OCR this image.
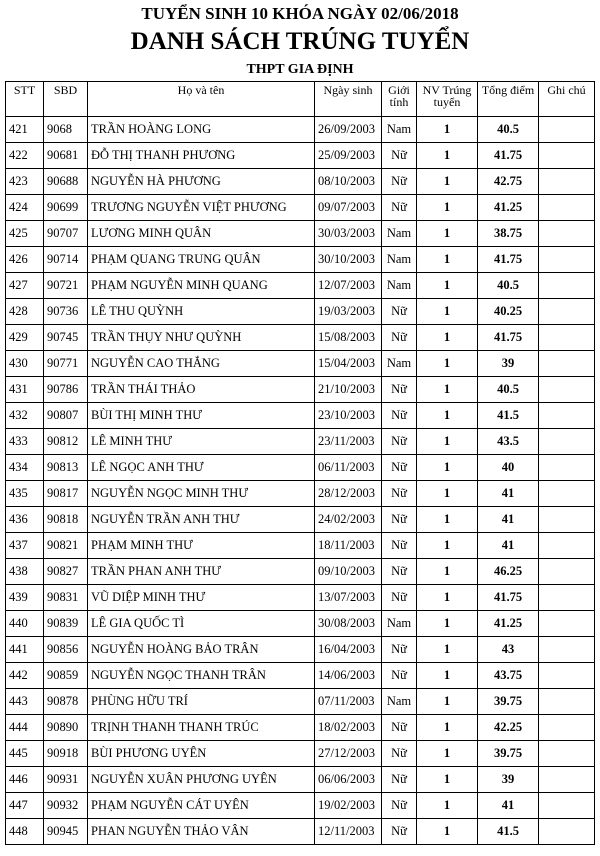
TUYỂN SINH 10 KHÓA NGÀY 02/06/2018
DANH SÁCH TRÚNG TUYỂN
THPT GIA ĐỊNH
STT	SBD	Họ và tên	Ngày sinh	Giới tính	NV Trúng tuyển	Tổng điểm	Ghi chú
421	9068	TRẦN HOÀNG LONG	26/09/2003	Nam	1	40.5	
422	90681	ĐỖ THỊ THANH PHƯƠNG	25/09/2003	Nữ	1	41.75	
423	90688	NGUYỄN HÀ PHƯƠNG	08/10/2003	Nữ	1	42.75	
424	90699	TRƯƠNG NGUYỄN VIỆT PHƯƠNG	09/07/2003	Nữ	1	41.25	
425	90707	LƯƠNG MINH QUÂN	30/03/2003	Nam	1	38.75	
426	90714	PHẠM QUANG TRUNG QUÂN	30/10/2003	Nam	1	41.75	
427	90721	PHẠM NGUYỄN MINH QUANG	12/07/2003	Nam	1	40.5	
428	90736	LÊ THU QUỲNH	19/03/2003	Nữ	1	40.25	
429	90745	TRẦN THỤY NHƯ QUỲNH	15/08/2003	Nữ	1	41.75	
430	90771	NGUYỄN CAO THẮNG	15/04/2003	Nam	1	39	
431	90786	TRẦN THÁI THẢO	21/10/2003	Nữ	1	40.5	
432	90807	BÙI THỊ MINH THƯ	23/10/2003	Nữ	1	41.5	
433	90812	LÊ MINH THƯ	23/11/2003	Nữ	1	43.5	
434	90813	LÊ NGỌC ANH THƯ	06/11/2003	Nữ	1	40	
435	90817	NGUYỄN NGỌC MINH THƯ	28/12/2003	Nữ	1	41	
436	90818	NGUYỄN TRẦN ANH THƯ	24/02/2003	Nữ	1	41	
437	90821	PHẠM MINH THƯ	18/11/2003	Nữ	1	41	
438	90827	TRẦN PHAN ANH THƯ	09/10/2003	Nữ	1	46.25	
439	90831	VŨ DIỆP MINH THƯ	13/07/2003	Nữ	1	41.75	
440	90839	LÊ GIA QUỐC TÌ	30/08/2003	Nam	1	41.25	
441	90856	NGUYỄN HOÀNG BẢO TRÂN	16/04/2003	Nữ	1	43	
442	90859	NGUYỄN NGỌC THANH TRÂN	14/06/2003	Nữ	1	43.75	
443	90878	PHÙNG HỮU TRÍ	07/11/2003	Nam	1	39.75	
444	90890	TRỊNH THANH THANH TRÚC	18/02/2003	Nữ	1	42.25	
445	90918	BÙI PHƯƠNG UYÊN	27/12/2003	Nữ	1	39.75	
446	90931	NGUYỄN XUÂN PHƯƠNG UYÊN	06/06/2003	Nữ	1	39	
447	90932	PHẠM NGUYỄN CÁT UYÊN	19/02/2003	Nữ	1	41	
448	90945	PHAN NGUYỄN THẢO VÂN	12/11/2003	Nữ	1	41.5	
